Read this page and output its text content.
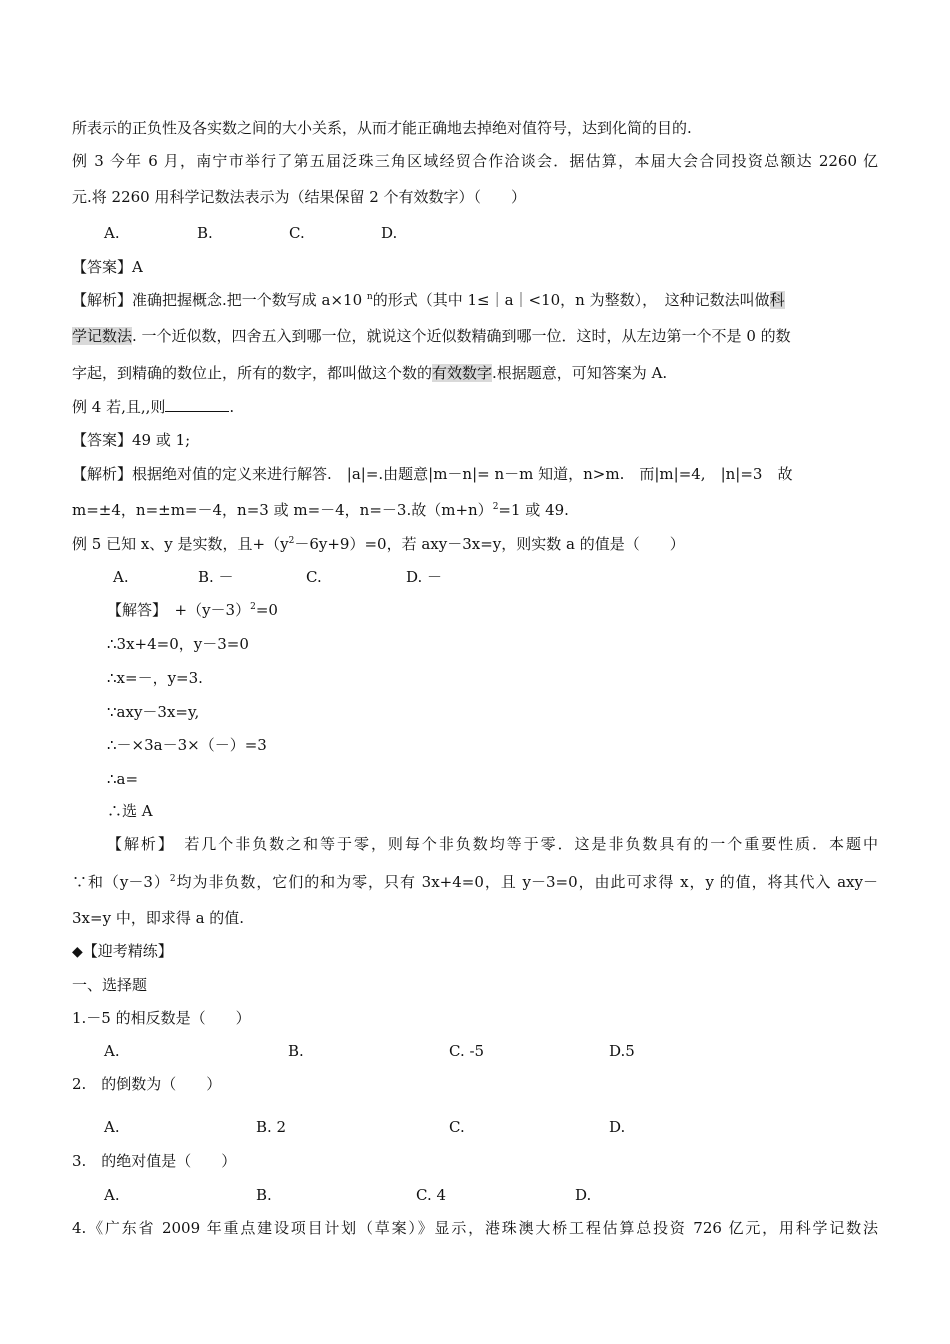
所表示的正负性及各实数之间的大小关系，从而才能正确地去掉绝对值符号，达到化简的目的.
例 3 今年 6 月，南宁市举行了第五届泛珠三角区域经贸合作洽谈会．据估算，本届大会合同投资总额达 2260 亿
元.将 2260 用科学记数法表示为（结果保留 2 个有效数字）（　　）
A.	B.	C.	D.
【答案】A
【解析】准确把握概念.把一个数写成 a×10 $^n$的形式（其中 1≤｜a｜<10，n 为整数），　这种记数法叫做科
学记数法. 一个近似数，四舍五入到哪一位，就说这个近似数精确到哪一位．这时，从左边第一个不是 0 的数
字起，到精确的数位止，所有的数字，都叫做这个数的有效数字.根据题意，可知答案为 A.
例 4 若,且,,则	.
【答案】49 或 1;
【解析】根据绝对值的定义来进行解答.　|a|=.由题意|m－n|= n－m 知道，n>m.　而|m|=4,　|n|=3　故
m=±4，n=±m=－4，n=3 或 m=－4，n=－3.故$(m+n)^2=1$ 或 49.
例 5 已知 x、y 是实数，且$+(y^2-6y+9)=0$，若 axy－3x=y，则实数 a 的值是（　　）
A.	B. －	C.	D. －
【解答】　$+(y-3)^2=0$
∴3x+4=0，y－3=0
∴x=－，y=3.
∵axy－3x=y,
∴－×3a－3×（－）=3
∴a=
∴选 A
【解析】　若几个非负数之和等于零，则每个非负数均等于零．这是非负数具有的一个重要性质．本题中
∵和$(y-3)^2$均为非负数，它们的和为零，只有 3x+4=0，且 y－3=0，由此可求得 x，y 的值，将其代入 axy－
3x=y 中，即求得 a 的值.
◆【迎考精练】
一、选择题
1.－5 的相反数是（　　）
A.	B.	C. -5	D.5
2.　的倒数为（　　）
A.	B. 2	C.	D.
3.　的绝对值是（　　）
A.	B.	C. 4	D.
4.《广东省 2009 年重点建设项目计划（草案）》显示，港珠澳大桥工程估算总投资 726 亿元，用科学记数法
